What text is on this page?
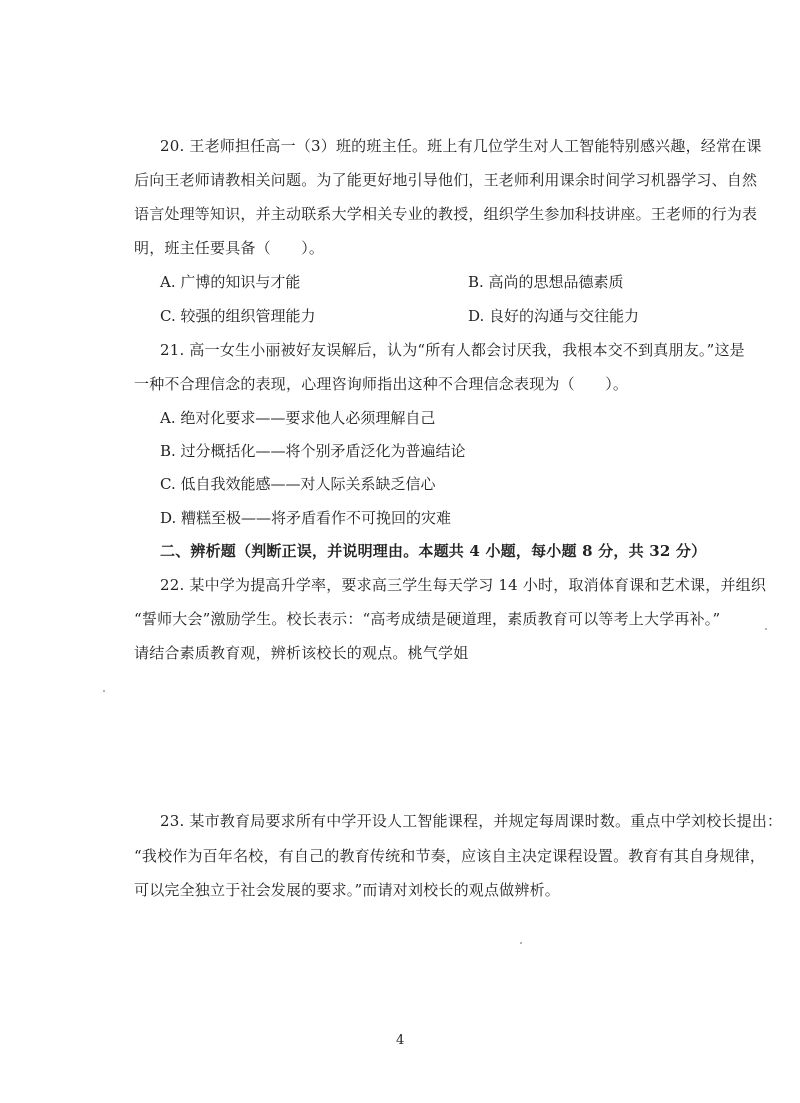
20. 王老师担任高一（3）班的班主任。班上有几位学生对人工智能特别感兴趣，经常在课
后向王老师请教相关问题。为了能更好地引导他们，王老师利用课余时间学习机器学习、自然
语言处理等知识，并主动联系大学相关专业的教授，组织学生参加科技讲座。王老师的行为表
明，班主任要具备（　　）。
A. 广博的知识与才能	B. 高尚的思想品德素质
C. 较强的组织管理能力	D. 良好的沟通与交往能力
21. 高一女生小丽被好友误解后，认为“所有人都会讨厌我，我根本交不到真朋友。”这是
一种不合理信念的表现，心理咨询师指出这种不合理信念表现为（　　）。
A. 绝对化要求——要求他人必须理解自己
B. 过分概括化——将个别矛盾泛化为普遍结论
C. 低自我效能感——对人际关系缺乏信心
D. 糟糕至极——将矛盾看作不可挽回的灾难
二、辨析题（判断正误，并说明理由。本题共 4 小题，每小题 8 分，共 32 分）
22. 某中学为提高升学率，要求高三学生每天学习 14 小时，取消体育课和艺术课，并组织
“誓师大会”激励学生。校长表示：“高考成绩是硬道理，素质教育可以等考上大学再补。”
请结合素质教育观，辨析该校长的观点。桃气学姐
23. 某市教育局要求所有中学开设人工智能课程，并规定每周课时数。重点中学刘校长提出：
“我校作为百年名校，有自己的教育传统和节奏，应该自主决定课程设置。教育有其自身规律，
可以完全独立于社会发展的要求。”而请对刘校长的观点做辨析。
4
